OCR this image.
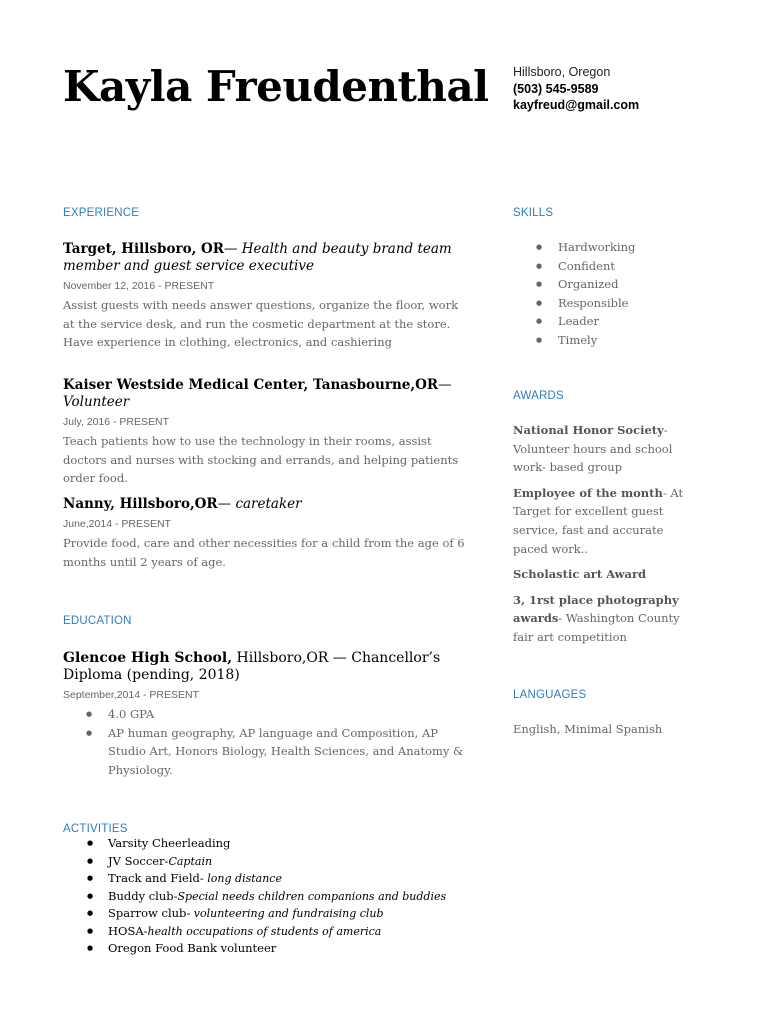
Kayla Freudenthal Hillsboro, Oregon
(503) 545-9589
kayfreud@gmail.com
EXPERIENCE
Target, Hillsboro, OR— Health and beauty brand team member and guest service executive
November 12, 2016 - PRESENT
Assist guests with needs answer questions, organize the floor, work at the service desk, and run the cosmetic department at the store. Have experience in clothing, electronics, and cashiering
Kaiser Westside Medical Center, Tanasbourne,OR— Volunteer
July, 2016 - PRESENT
Teach patients how to use the technology in their rooms, assist doctors and nurses with stocking and errands, and helping patients order food.
Nanny, Hillsboro,OR— caretaker
June,2014 - PRESENT
Provide food, care and other necessities for a child from the age of 6 months until 2 years of age.
EDUCATION
Glencoe High School, Hillsboro,OR — Chancellor’s Diploma (pending, 2018)
September,2014 - PRESENT
● 4.0 GPA
● AP human geography, AP language and Composition, AP Studio Art, Honors Biology, Health Sciences, and Anatomy & Physiology.
ACTIVITIES
● Varsity Cheerleading
● JV Soccer-Captain
● Track and Field- long distance
● Buddy club-Special needs children companions and buddies
● Sparrow club- volunteering and fundraising club
● HOSA-health occupations of students of america
● Oregon Food Bank volunteer
SKILLS
● Hardworking
● Confident
● Organized
● Responsible
● Leader
● Timely
AWARDS
National Honor Society- Volunteer hours and school work- based group
Employee of the month- At Target for excellent guest service, fast and accurate paced work..
Scholastic art Award
3, 1rst place photography awards- Washington County fair art competition
LANGUAGES
English, Minimal Spanish
